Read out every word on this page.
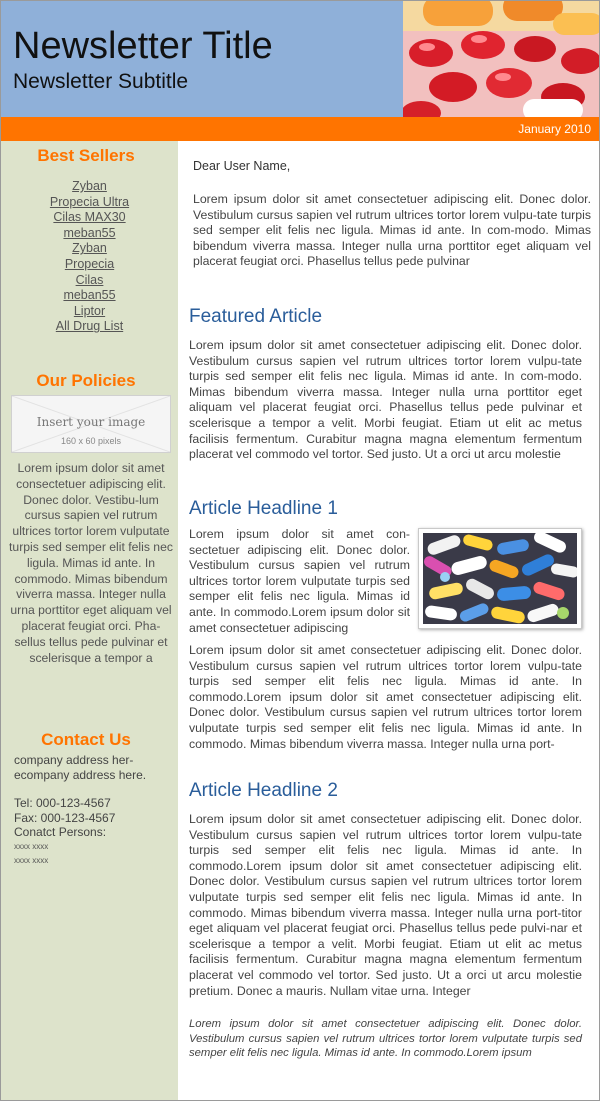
Newsletter Title
Newsletter Subtitle
January 2010
Best Sellers
Zyban
Propecia Ultra
Cilas MAX30
meban55
Zyban
Propecia
Cilas
meban55
Liptor
All Drug List
Our Policies
Insert your image
160 x 60 pixels
Lorem ipsum dolor sit amet consectetuer adipiscing elit. Donec dolor. Vestibu-lum cursus sapien vel rutrum ultrices tortor lorem vulputate turpis sed semper elit felis nec ligula. Mimas id ante. In commodo. Mimas bibendum viverra massa. Integer nulla urna porttitor eget aliquam vel placerat feugiat orci. Pha-sellus tellus pede pulvinar et scelerisque a tempor a
Contact Us
company address her-
ecompany address here.
Tel: 000-123-4567
Fax: 000-123-4567
Conatct Persons:
xxxx xxxx
xxxx xxxx
Dear User Name,
Lorem ipsum dolor sit amet consectetuer adipiscing elit. Donec dolor. Vestibulum cursus sapien vel rutrum ultrices tortor lorem vulpu-tate turpis sed semper elit felis nec ligula. Mimas id ante. In com-modo. Mimas bibendum viverra massa. Integer nulla urna porttitor eget aliquam vel placerat feugiat orci. Phasellus tellus pede pulvinar
Featured Article
Lorem ipsum dolor sit amet consectetuer adipiscing elit. Donec dolor. Vestibulum cursus sapien vel rutrum ultrices tortor lorem vulpu-tate turpis sed semper elit felis nec ligula. Mimas id ante. In com-modo. Mimas bibendum viverra massa. Integer nulla urna porttitor eget aliquam vel placerat feugiat orci. Phasellus tellus pede pulvinar et scelerisque a tempor a velit. Morbi feugiat. Etiam ut elit ac metus facilisis fermentum. Curabitur magna magna elementum fermentum placerat vel commodo vel tortor. Sed justo. Ut a orci ut arcu molestie
Article Headline 1
Lorem ipsum dolor sit amet con-sectetuer adipiscing elit. Donec dolor. Vestibulum cursus sapien vel rutrum ultrices tortor lorem vulputate turpis sed semper elit felis nec ligula. Mimas id ante. In commodo.Lorem ipsum dolor sit amet consectetuer adipiscing
Lorem ipsum dolor sit amet consectetuer adipiscing elit. Donec dolor. Vestibulum cursus sapien vel rutrum ultrices tortor lorem vulpu-tate turpis sed semper elit felis nec ligula. Mimas id ante. In commodo.Lorem ipsum dolor sit amet consectetuer adipiscing elit. Donec dolor. Vestibulum cursus sapien vel rutrum ultrices tortor lorem vulputate turpis sed semper elit felis nec ligula. Mimas id ante. In commodo. Mimas bibendum viverra massa. Integer nulla urna port-
Article Headline 2
Lorem ipsum dolor sit amet consectetuer adipiscing elit. Donec dolor. Vestibulum cursus sapien vel rutrum ultrices tortor lorem vulpu-tate turpis sed semper elit felis nec ligula. Mimas id ante. In commodo.Lorem ipsum dolor sit amet consectetuer adipiscing elit. Donec dolor. Vestibulum cursus sapien vel rutrum ultrices tortor lorem vulputate turpis sed semper elit felis nec ligula. Mimas id ante. In commodo. Mimas bibendum viverra massa. Integer nulla urna port-titor eget aliquam vel placerat feugiat orci. Phasellus tellus pede pulvi-nar et scelerisque a tempor a velit. Morbi feugiat. Etiam ut elit ac metus facilisis fermentum. Curabitur magna magna elementum fermentum placerat vel commodo vel tortor. Sed justo. Ut a orci ut arcu molestie pretium. Donec a mauris. Nullam vitae urna. Integer
Lorem ipsum dolor sit amet consectetuer adipiscing elit. Donec dolor. Vestibulum cursus sapien vel rutrum ultrices tortor lorem vulputate turpis sed semper elit felis nec ligula. Mimas id ante. In commodo.Lorem ipsum
